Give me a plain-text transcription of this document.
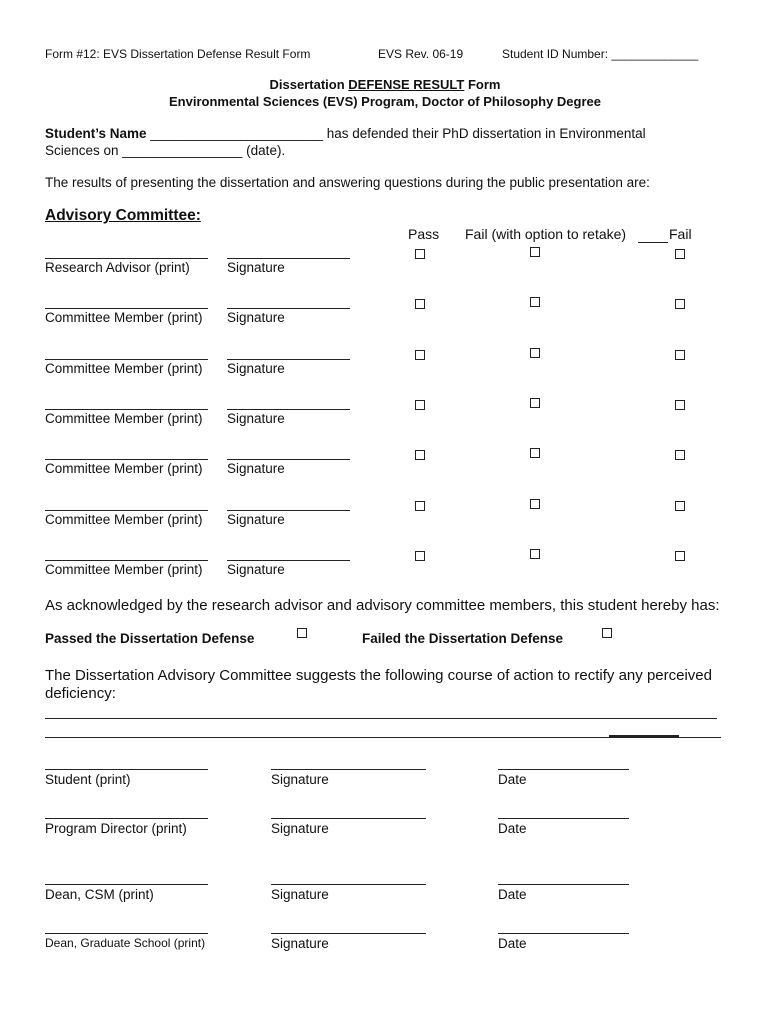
Form #12: EVS Dissertation Defense Result Form	EVS Rev. 06-19	Student ID Number: _____________
Dissertation DEFENSE RESULT Form
Environmental Sciences (EVS) Program, Doctor of Philosophy Degree
Student’s Name _______________________ has defended their PhD dissertation in Environmental
Sciences on ________________ (date).
The results of presenting the dissertation and answering questions during the public presentation are:
Advisory Committee:
Pass Fail (with option to retake)	Fail
Research Advisor (print)	Signature
Committee Member (print) Signature
Committee Member (print) Signature
Committee Member (print) Signature
Committee Member (print) Signature
Committee Member (print) Signature
Committee Member (print) Signature
As acknowledged by the research advisor and advisory committee members, this student hereby has:
Passed the Dissertation Defense	Failed the Dissertation Defense
The Dissertation Advisory Committee suggests the following course of action to rectify any perceived
deficiency:
Student (print)	Signature	Date
Program Director (print)	Signature	Date
Dean, CSM (print)	Signature	Date
Dean, Graduate School (print)	Signature	Date
